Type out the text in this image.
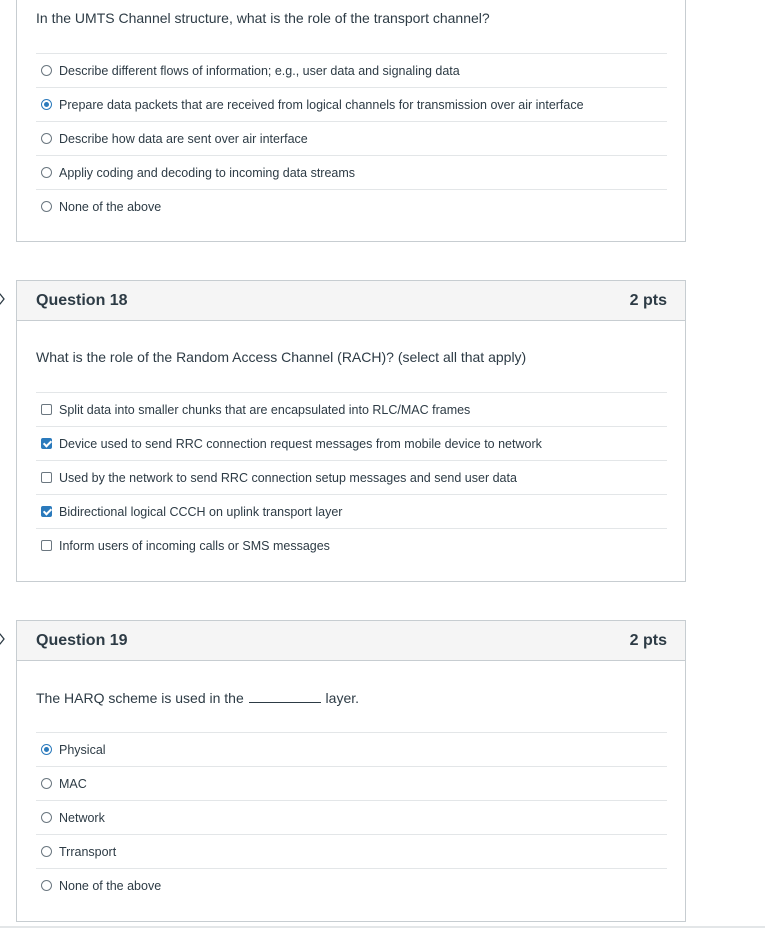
In the UMTS Channel structure, what is the role of the transport channel?
Describe different flows of information; e.g., user data and signaling data
Prepare data packets that are received from logical channels for transmission over air interface
Describe how data are sent over air interface
Appliy coding and decoding to incoming data streams
None of the above
Question 18	2 pts
What is the role of the Random Access Channel (RACH)? (select all that apply)
Split data into smaller chunks that are encapsulated into RLC/MAC frames
Device used to send RRC connection request messages from mobile device to network
Used by the network to send RRC connection setup messages and send user data
Bidirectional logical CCCH on uplink transport layer
Inform users of incoming calls or SMS messages
Question 19	2 pts
The HARQ scheme is used in the	layer.
Physical
MAC
Network
Trransport
None of the above
